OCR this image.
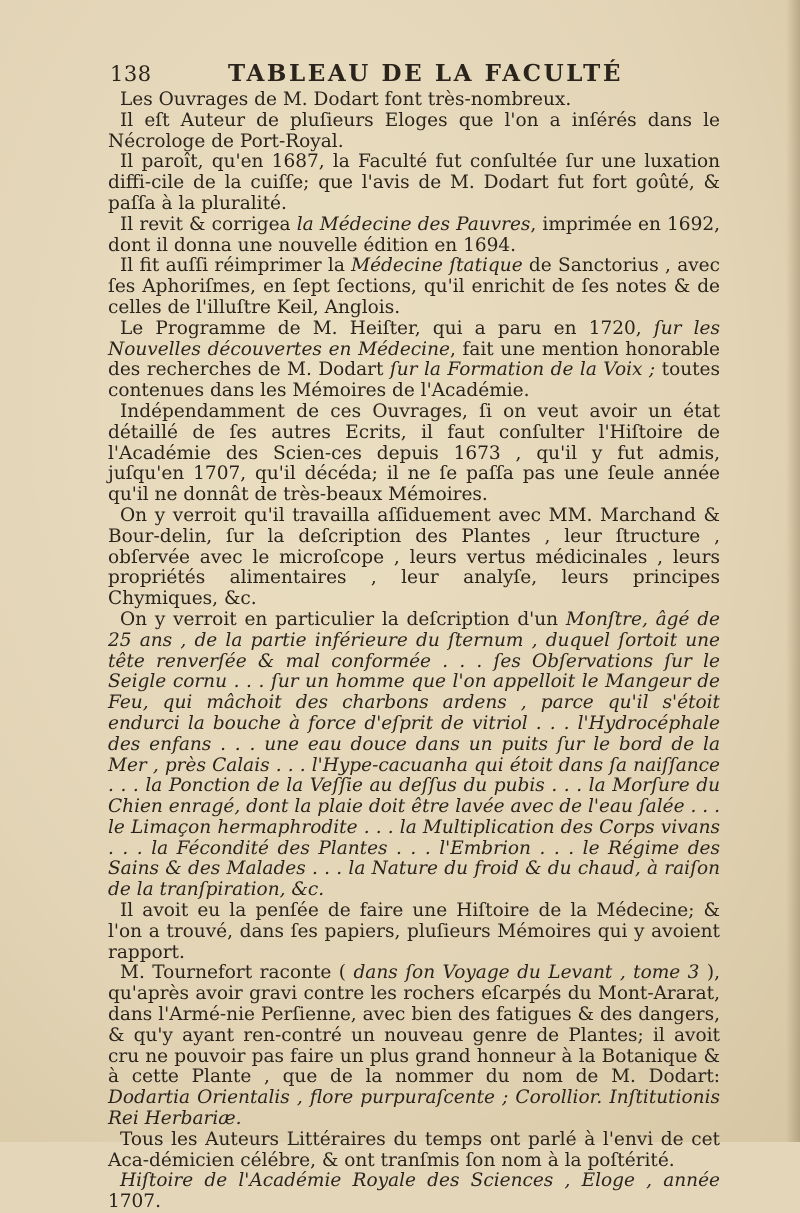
138	TABLEAU DE LA FACULTÉ

Les Ouvrages de M. Dodart font très-nombreux.

Il eſt Auteur de pluſieurs Eloges que l'on a inſérés dans le Nécrologe de Port-Royal.

Il paroît, qu'en 1687, la Faculté fut conſultée ſur une luxation diffi-cile de la cuiſſe; que l'avis de M. Dodart fut fort goûté, & paſſa à la pluralité.

Il revit & corrigea la Médecine des Pauvres, imprimée en 1692, dont il donna une nouvelle édition en 1694.

Il fit auſſi réimprimer la Médecine ſtatique de Sanctorius , avec ſes Aphoriſmes, en ſept ſections, qu'il enrichit de ſes notes & de celles de l'illuſtre Keil, Anglois.

Le Programme de M. Heiſter, qui a paru en 1720, ſur les Nouvelles découvertes en Médecine, fait une mention honorable des recherches de M. Dodart ſur la Formation de la Voix ; toutes contenues dans les Mémoires de l'Académie.

Indépendamment de ces Ouvrages, ſi on veut avoir un état détaillé de ſes autres Ecrits, il faut conſulter l'Hiſtoire de l'Académie des Scien-ces depuis 1673 , qu'il y fut admis, juſqu'en 1707, qu'il décéda; il ne ſe paſſa pas une ſeule année qu'il ne donnât de très-beaux Mémoires.

On y verroit qu'il travailla aſſiduement avec MM. Marchand & Bour-delin, ſur la deſcription des Plantes , leur ſtructure , obſervée avec le microſcope , leurs vertus médicinales , leurs propriétés alimentaires , leur analyſe, leurs principes Chymiques, &c.

On y verroit en particulier la deſcription d'un Monſtre, âgé de 25 ans , de la partie inférieure du ſternum , duquel ſortoit une tête renverſée & mal conformée . . . ſes Obſervations ſur le Seigle cornu . . . ſur un homme que l'on appelloit le Mangeur de Feu, qui mâchoit des charbons ardens , parce qu'il s'étoit endurci la bouche à force d'eſprit de vitriol . . . l'Hydrocéphale des enfans . . . une eau douce dans un puits ſur le bord de la Mer , près Calais . . . l'Hype-cacuanha qui étoit dans ſa naiſſance . . . la Ponction de la Veſſie au deſſus du pubis . . . la Morſure du Chien enragé, dont la plaie doit être lavée avec de l'eau ſalée . . . le Limaçon hermaphrodite . . . la Multiplication des Corps vivans . . . la Fécondité des Plantes . . . l'Embrion . . . le Régime des Sains & des Malades . . . la Nature du froid & du chaud, à raiſon de la tranſpiration, &c.

Il avoit eu la penſée de faire une Hiſtoire de la Médecine; & l'on a trouvé, dans ſes papiers, pluſieurs Mémoires qui y avoient rapport.

M. Tournefort raconte ( dans ſon Voyage du Levant , tome 3 ), qu'après avoir gravi contre les rochers eſcarpés du Mont-Ararat, dans l'Armé-nie Perſienne, avec bien des fatigues & des dangers, & qu'y ayant ren-contré un nouveau genre de Plantes; il avoit cru ne pouvoir pas faire un plus grand honneur à la Botanique & à cette Plante , que de la nommer du nom de M. Dodart: Dodartia Orientalis , flore purpuraſcente ; Corollior. Inſtitutionis Rei Herbariæ.

Tous les Auteurs Littéraires du temps ont parlé à l'envi de cet Aca-démicien célébre, & ont tranſmis ſon nom à la poſtérité.

Hiſtoire de l'Académie Royale des Sciences , Eloge , année 1707.
